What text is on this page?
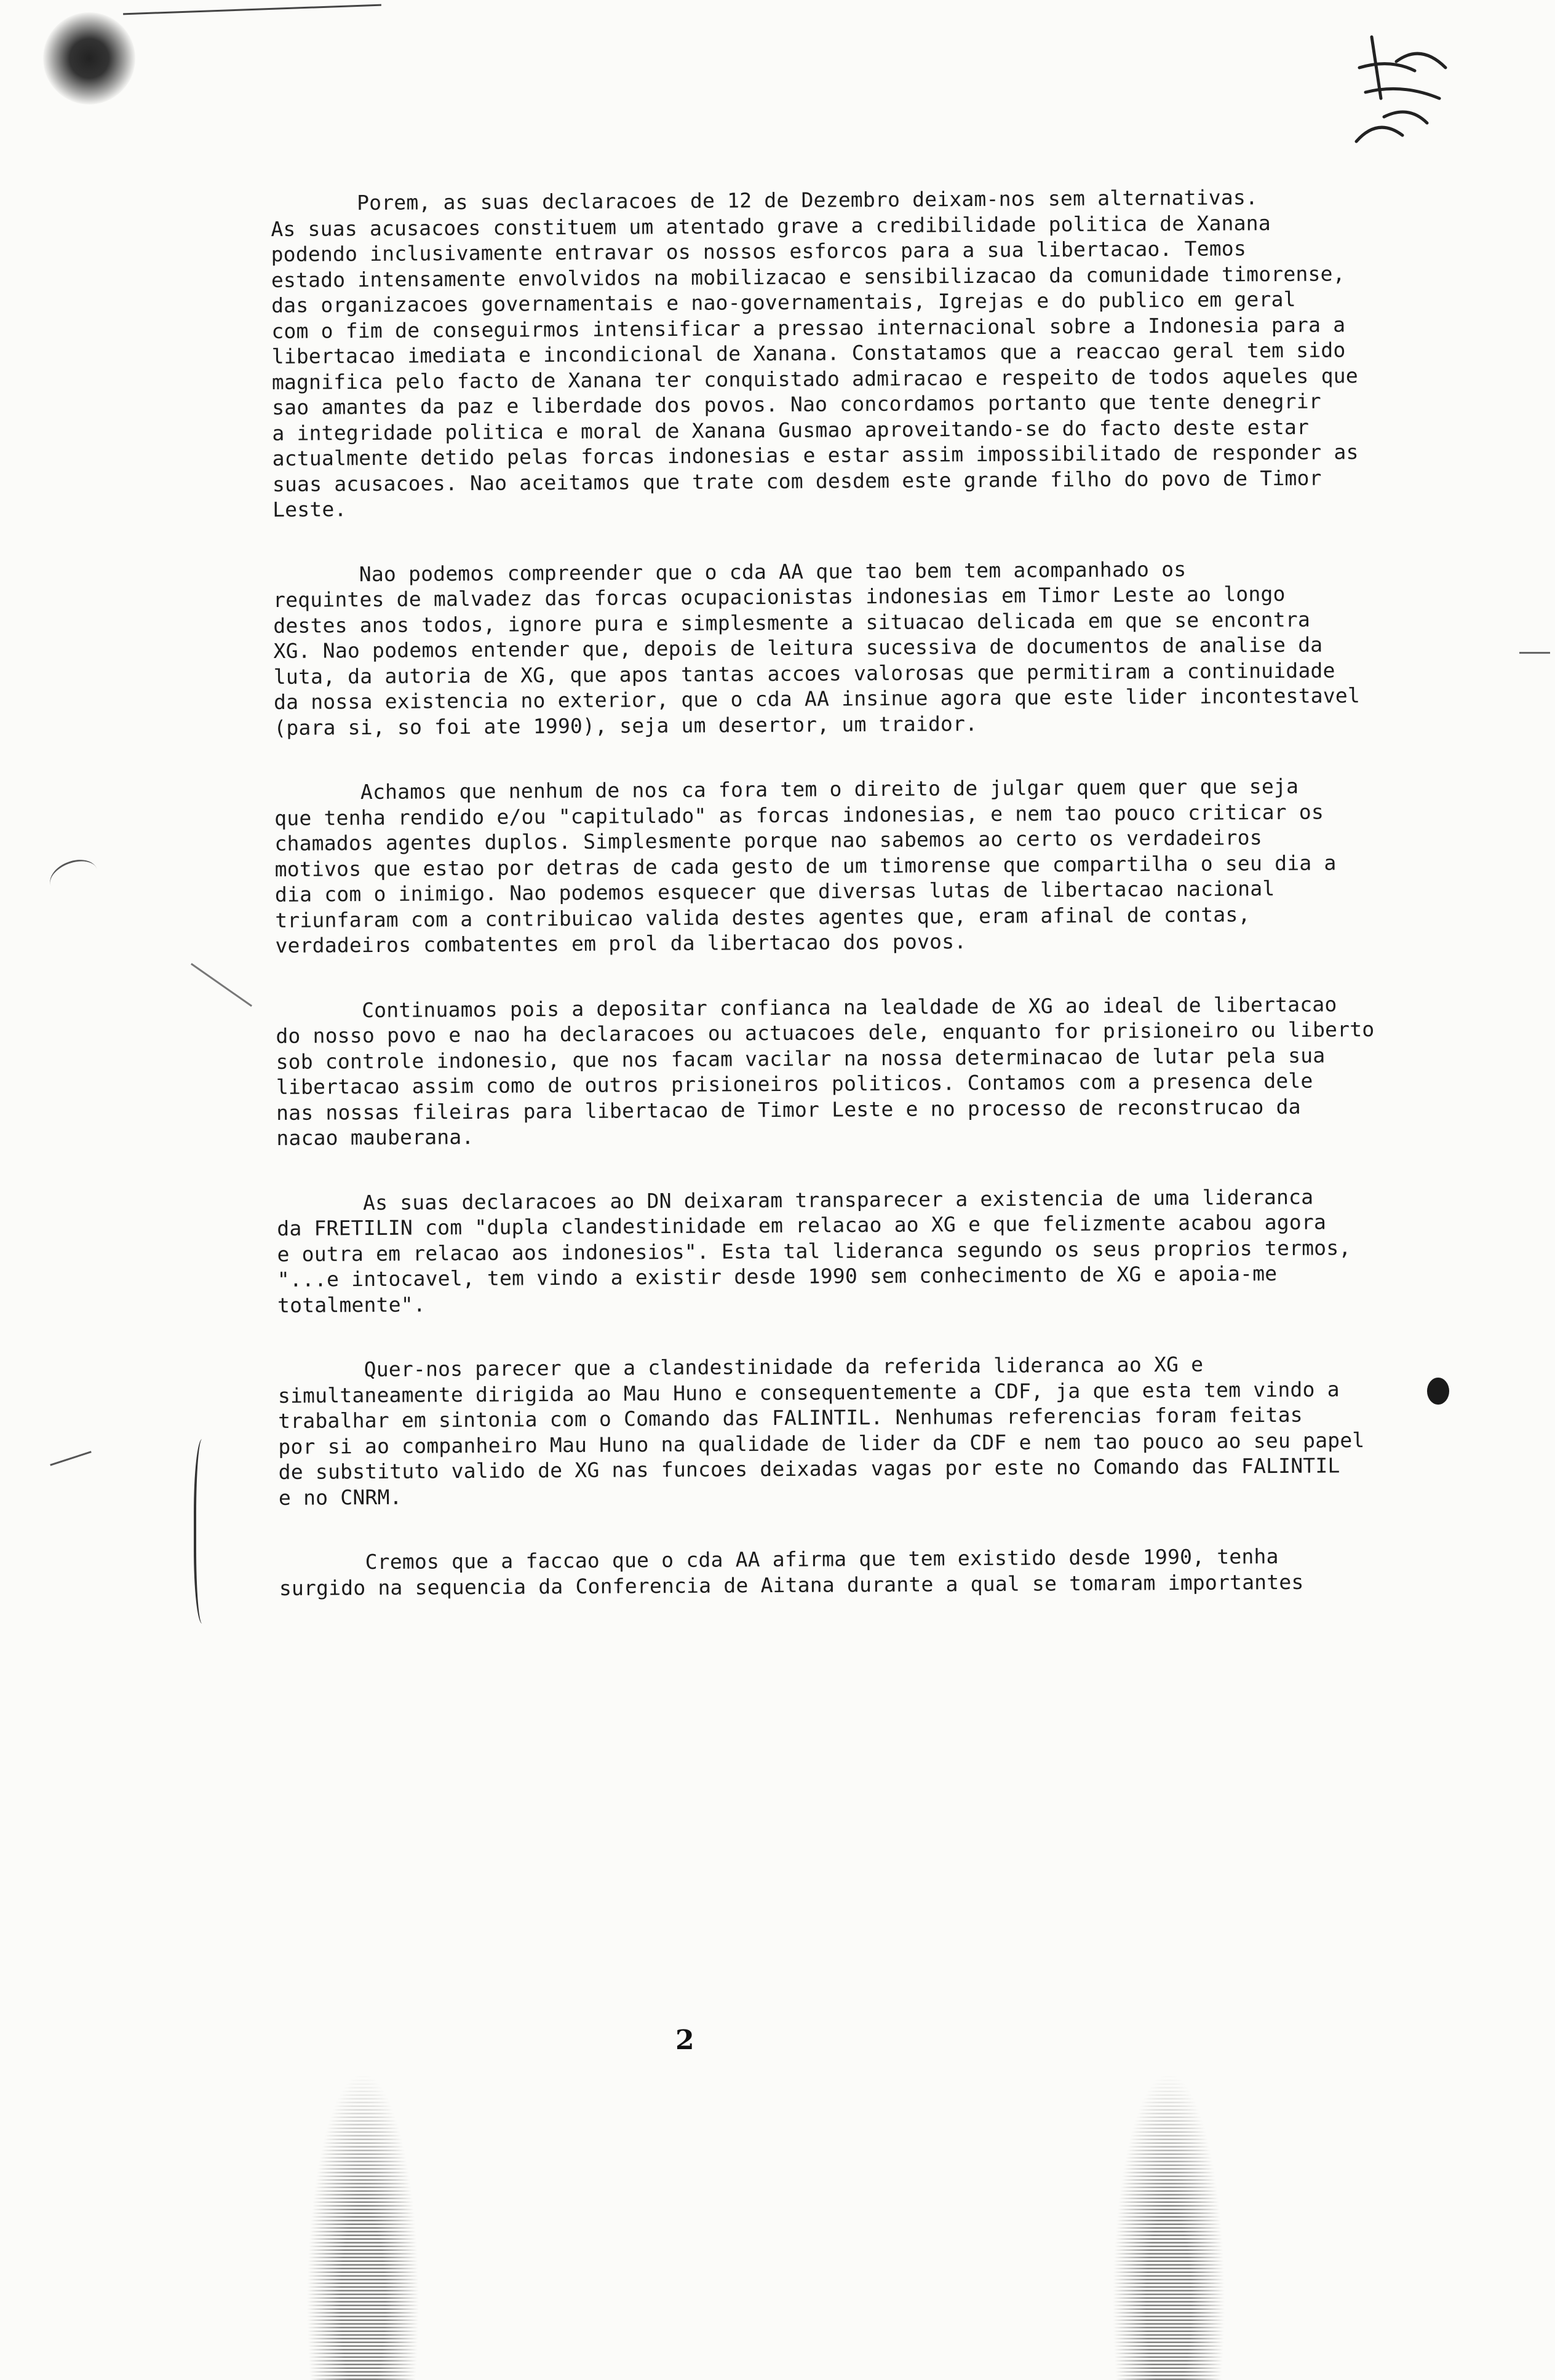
Porem, as suas declaracoes de 12 de Dezembro deixam-nos sem alternativas.
As suas acusacoes constituem um atentado grave a credibilidade politica de Xanana
podendo inclusivamente entravar os nossos esforcos para a sua libertacao. Temos
estado intensamente envolvidos na mobilizacao e sensibilizacao da comunidade timorense,
das organizacoes governamentais e nao-governamentais, Igrejas e do publico em geral
com o fim de conseguirmos intensificar a pressao internacional sobre a Indonesia para a
libertacao imediata e incondicional de Xanana. Constatamos que a reaccao geral tem sido
magnifica pelo facto de Xanana ter conquistado admiracao e respeito de todos aqueles que
sao amantes da paz e liberdade dos povos. Nao concordamos portanto que tente denegrir
a integridade politica e moral de Xanana Gusmao aproveitando-se do facto deste estar
actualmente detido pelas forcas indonesias e estar assim impossibilitado de responder as
suas acusacoes. Nao aceitamos que trate com desdem este grande filho do povo de Timor
Leste.
Nao podemos compreender que o cda AA que tao bem tem acompanhado os
requintes de malvadez das forcas ocupacionistas indonesias em Timor Leste ao longo
destes anos todos, ignore pura e simplesmente a situacao delicada em que se encontra
XG. Nao podemos entender que, depois de leitura sucessiva de documentos de analise da
luta, da autoria de XG, que apos tantas accoes valorosas que permitiram a continuidade
da nossa existencia no exterior, que o cda AA insinue agora que este lider incontestavel
(para si, so foi ate 1990), seja um desertor, um traidor.
Achamos que nenhum de nos ca fora tem o direito de julgar quem quer que seja
que tenha rendido e/ou "capitulado" as forcas indonesias, e nem tao pouco criticar os
chamados agentes duplos. Simplesmente porque nao sabemos ao certo os verdadeiros
motivos que estao por detras de cada gesto de um timorense que compartilha o seu dia a
dia com o inimigo. Nao podemos esquecer que diversas lutas de libertacao nacional
triunfaram com a contribuicao valida destes agentes que, eram afinal de contas,
verdadeiros combatentes em prol da libertacao dos povos.
Continuamos pois a depositar confianca na lealdade de XG ao ideal de libertacao
do nosso povo e nao ha declaracoes ou actuacoes dele, enquanto for prisioneiro ou liberto
sob controle indonesio, que nos facam vacilar na nossa determinacao de lutar pela sua
libertacao assim como de outros prisioneiros politicos. Contamos com a presenca dele
nas nossas fileiras para libertacao de Timor Leste e no processo de reconstrucao da
nacao mauberana.
As suas declaracoes ao DN deixaram transparecer a existencia de uma lideranca
da FRETILIN com "dupla clandestinidade em relacao ao XG e que felizmente acabou agora
e outra em relacao aos indonesios". Esta tal lideranca segundo os seus proprios termos,
"...e intocavel, tem vindo a existir desde 1990 sem conhecimento de XG e apoia-me
totalmente".
Quer-nos parecer que a clandestinidade da referida lideranca ao XG e
simultaneamente dirigida ao Mau Huno e consequentemente a CDF, ja que esta tem vindo a
trabalhar em sintonia com o Comando das FALINTIL. Nenhumas referencias foram feitas
por si ao companheiro Mau Huno na qualidade de lider da CDF e nem tao pouco ao seu papel
de substituto valido de XG nas funcoes deixadas vagas por este no Comando das FALINTIL
e no CNRM.
Cremos que a faccao que o cda AA afirma que tem existido desde 1990, tenha
surgido na sequencia da Conferencia de Aitana durante a qual se tomaram importantes
2
